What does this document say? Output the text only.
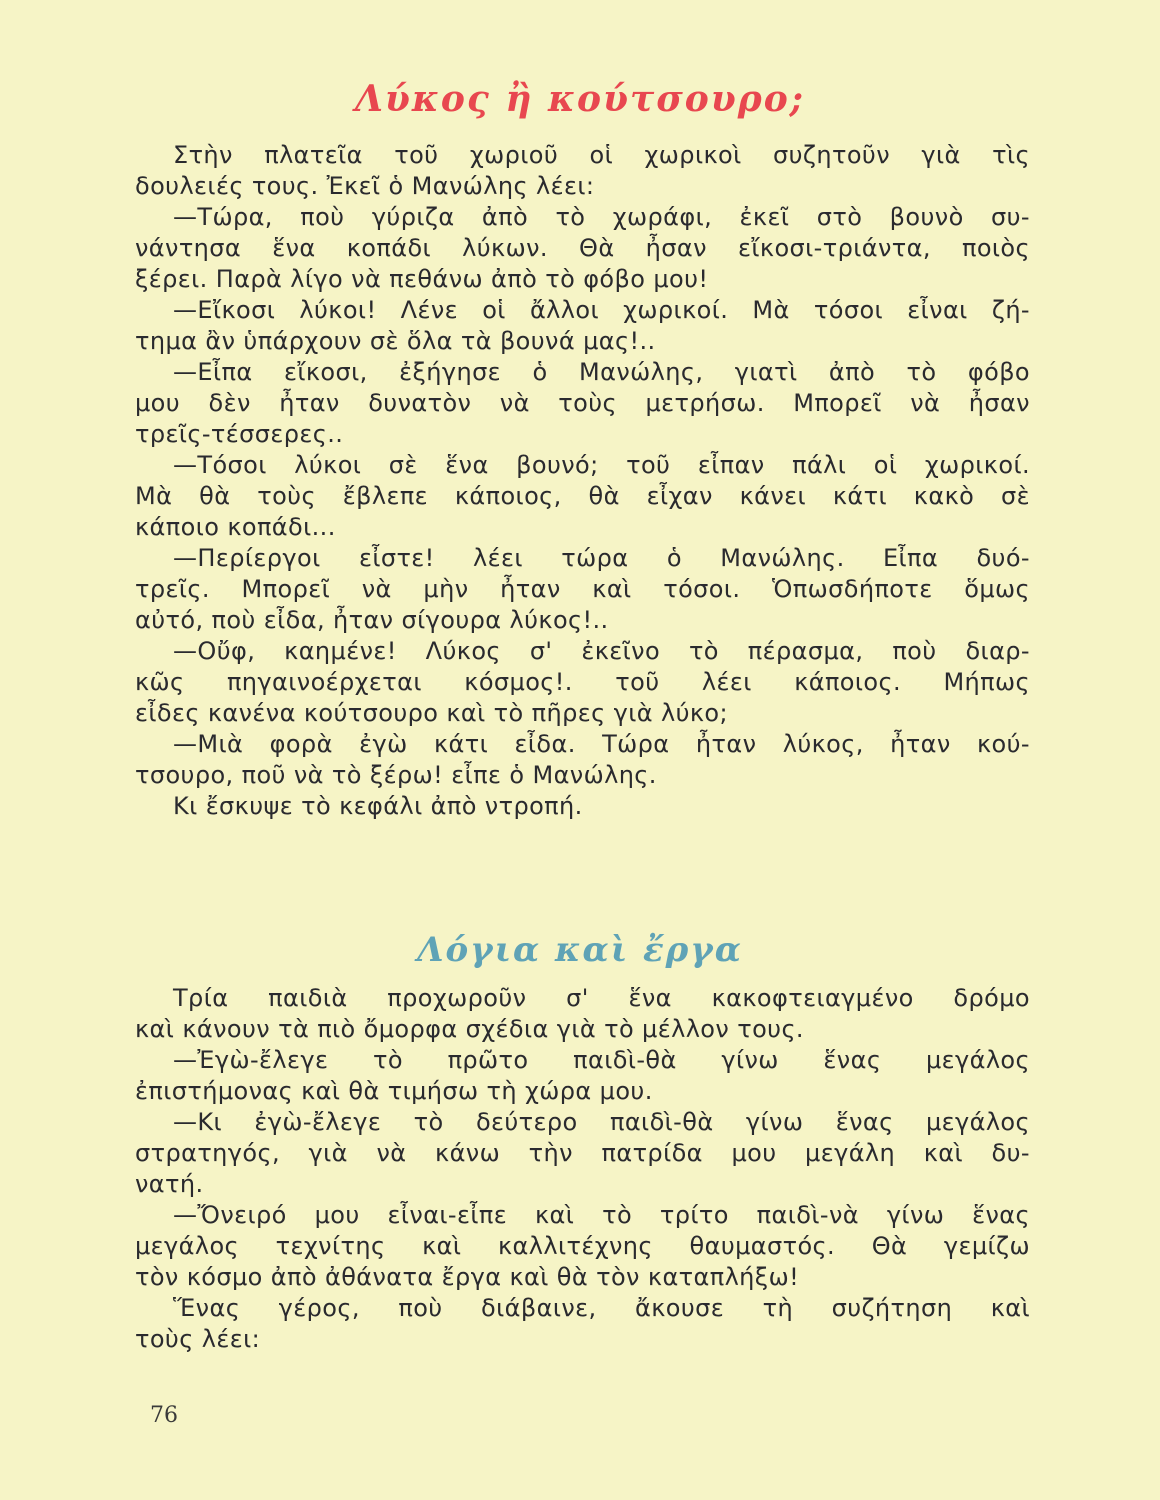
Λύκος ἢ κούτσουρο;
Στὴν πλατεῖα τοῦ χωριοῦ οἱ χωρικοὶ συζητοῦν γιὰ τὶς
δουλειές τους. Ἐκεῖ ὁ Μανώλης λέει:
—Τώρα, ποὺ γύριζα ἀπὸ τὸ χωράφι, ἐκεῖ στὸ βουνὸ συ-
νάντησα ἕνα κοπάδι λύκων. Θὰ ἦσαν εἴκοσι-τριάντα, ποιὸς
ξέρει. Παρὰ λίγο νὰ πεθάνω ἀπὸ τὸ φόβο μου!
—Εἴκοσι λύκοι! Λένε οἱ ἄλλοι χωρικοί. Μὰ τόσοι εἶναι ζή-
τημα ἂν ὑπάρχουν σὲ ὅλα τὰ βουνά μας!..
—Εἶπα εἴκοσι, ἐξήγησε ὁ Μανώλης, γιατὶ ἀπὸ τὸ φόβο
μου δὲν ἦταν δυνατὸν νὰ τοὺς μετρήσω. Μπορεῖ νὰ ἦσαν
τρεῖς-τέσσερες..
—Τόσοι λύκοι σὲ ἕνα βουνό; τοῦ εἶπαν πάλι οἱ χωρικοί.
Μὰ θὰ τοὺς ἔβλεπε κάποιος, θὰ εἶχαν κάνει κάτι κακὸ σὲ
κάποιο κοπάδι...
—Περίεργοι εἶστε! λέει τώρα ὁ Μανώλης. Εἶπα δυό-
τρεῖς. Μπορεῖ νὰ μὴν ἦταν καὶ τόσοι. Ὁπωσδήποτε ὅμως
αὐτό, ποὺ εἶδα, ἦταν σίγουρα λύκος!..
—Οὔφ, καημένε! Λύκος σ' ἐκεῖνο τὸ πέρασμα, ποὺ διαρ-
κῶς πηγαινοέρχεται κόσμος!. τοῦ λέει κάποιος. Μήπως
εἶδες κανένα κούτσουρο καὶ τὸ πῆρες γιὰ λύκο;
—Μιὰ φορὰ ἐγὼ κάτι εἶδα. Τώρα ἦταν λύκος, ἦταν κού-
τσουρο, ποῦ νὰ τὸ ξέρω! εἶπε ὁ Μανώλης.
Κι ἔσκυψε τὸ κεφάλι ἀπὸ ντροπή.
Λόγια καὶ ἔργα
Τρία παιδιὰ προχωροῦν σ' ἕνα κακοφτειαγμένο δρόμο
καὶ κάνουν τὰ πιὸ ὄμορφα σχέδια γιὰ τὸ μέλλον τους.
—Ἐγὼ-ἔλεγε τὸ πρῶτο παιδὶ-θὰ γίνω ἕνας μεγάλος
ἐπιστήμονας καὶ θὰ τιμήσω τὴ χώρα μου.
—Κι ἐγὼ-ἔλεγε τὸ δεύτερο παιδὶ-θὰ γίνω ἕνας μεγάλος
στρατηγός, γιὰ νὰ κάνω τὴν πατρίδα μου μεγάλη καὶ δυ-
νατή.
—Ὄνειρό μου εἶναι-εἶπε καὶ τὸ τρίτο παιδὶ-νὰ γίνω ἕνας
μεγάλος τεχνίτης καὶ καλλιτέχνης θαυμαστός. Θὰ γεμίζω
τὸν κόσμο ἀπὸ ἀθάνατα ἔργα καὶ θὰ τὸν καταπλήξω!
Ἕνας γέρος, ποὺ διάβαινε, ἄκουσε τὴ συζήτηση καὶ
τοὺς λέει:
76
